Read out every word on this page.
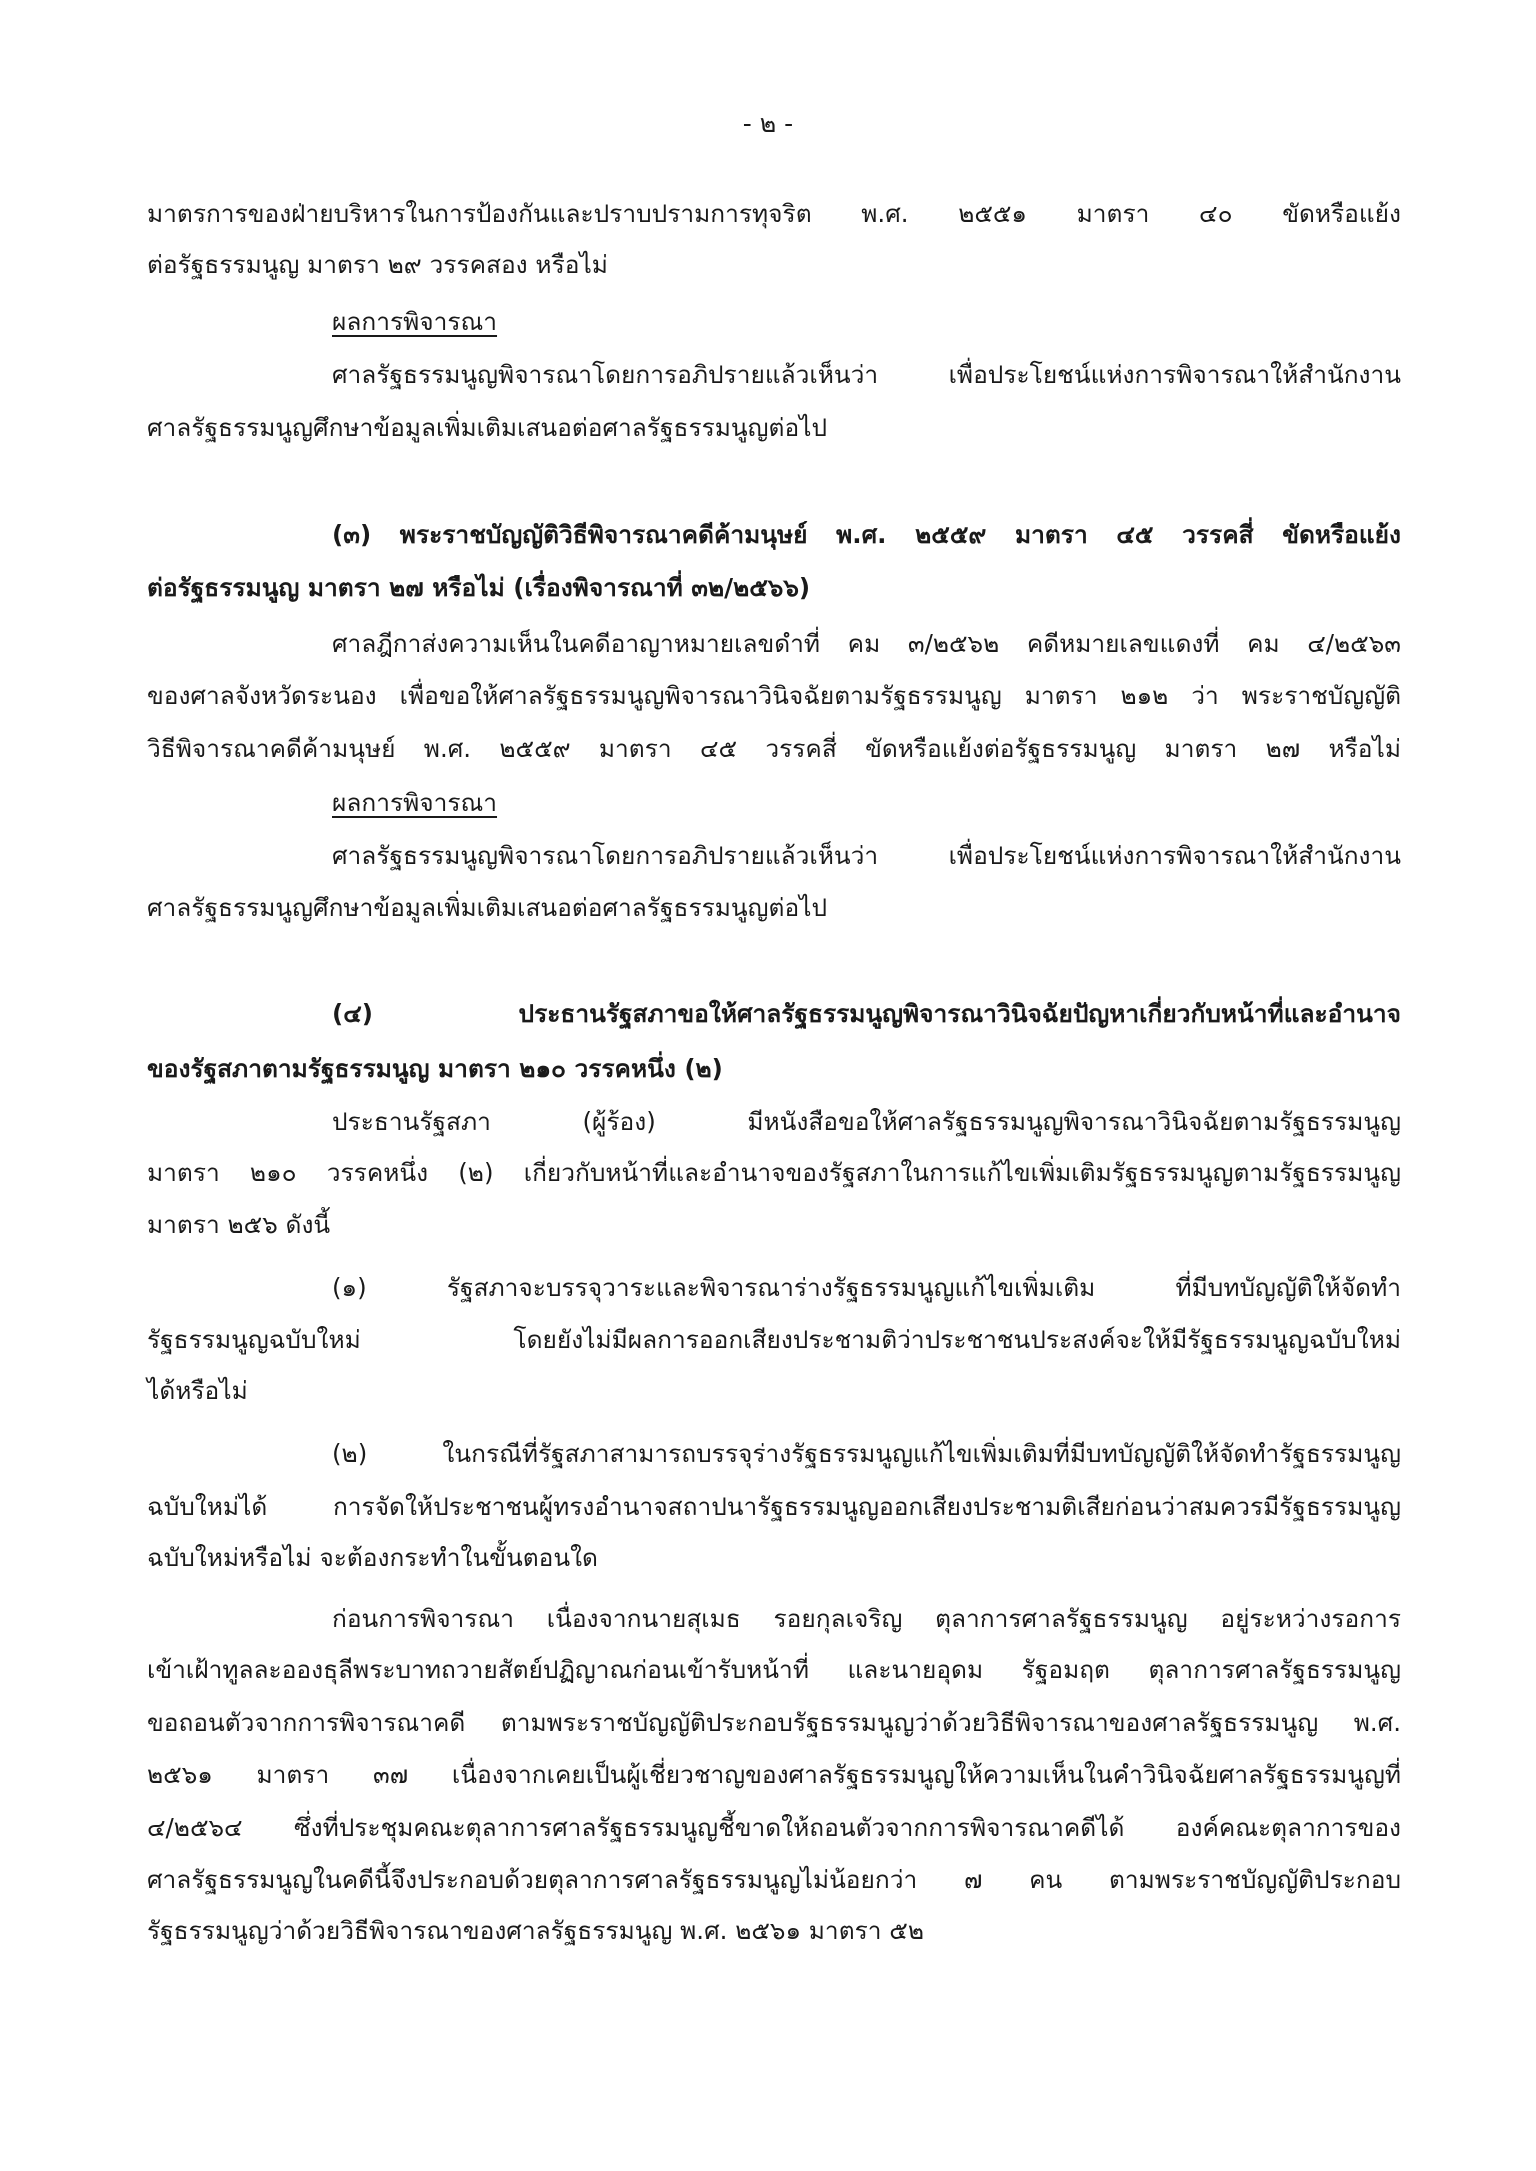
- ๒ -
มาตรการของฝ่ายบริหารในการป้องกันและปราบปรามการทุจริต พ.ศ. ๒๕๕๑ มาตรา ๔๐ ขัดหรือแย้ง
ต่อรัฐธรรมนูญ มาตรา ๒๙ วรรคสอง หรือไม่
ผลการพิจารณา
ศาลรัฐธรรมนูญพิจารณาโดยการอภิปรายแล้วเห็นว่า เพื่อประโยชน์แห่งการพิจารณาให้สำนักงาน
ศาลรัฐธรรมนูญศึกษาข้อมูลเพิ่มเติมเสนอต่อศาลรัฐธรรมนูญต่อไป
(๓) พระราชบัญญัติวิธีพิจารณาคดีค้ามนุษย์ พ.ศ. ๒๕๕๙ มาตรา ๔๕ วรรคสี่ ขัดหรือแย้ง
ต่อรัฐธรรมนูญ มาตรา ๒๗ หรือไม่ (เรื่องพิจารณาที่ ๓๒/๒๕๖๖)
ศาลฎีกาส่งความเห็นในคดีอาญาหมายเลขดำที่ คม ๓/๒๕๖๒ คดีหมายเลขแดงที่ คม ๔/๒๕๖๓
ของศาลจังหวัดระนอง เพื่อขอให้ศาลรัฐธรรมนูญพิจารณาวินิจฉัยตามรัฐธรรมนูญ มาตรา ๒๑๒ ว่า พระราชบัญญัติ
วิธีพิจารณาคดีค้ามนุษย์ พ.ศ. ๒๕๕๙ มาตรา ๔๕ วรรคสี่ ขัดหรือแย้งต่อรัฐธรรมนูญ มาตรา ๒๗ หรือไม่
ผลการพิจารณา
ศาลรัฐธรรมนูญพิจารณาโดยการอภิปรายแล้วเห็นว่า เพื่อประโยชน์แห่งการพิจารณาให้สำนักงาน
ศาลรัฐธรรมนูญศึกษาข้อมูลเพิ่มเติมเสนอต่อศาลรัฐธรรมนูญต่อไป
(๔) ประธานรัฐสภาขอให้ศาลรัฐธรรมนูญพิจารณาวินิจฉัยปัญหาเกี่ยวกับหน้าที่และอำนาจ
ของรัฐสภาตามรัฐธรรมนูญ มาตรา ๒๑๐ วรรคหนึ่ง (๒)
ประธานรัฐสภา (ผู้ร้อง) มีหนังสือขอให้ศาลรัฐธรรมนูญพิจารณาวินิจฉัยตามรัฐธรรมนูญ
มาตรา ๒๑๐ วรรคหนึ่ง (๒) เกี่ยวกับหน้าที่และอำนาจของรัฐสภาในการแก้ไขเพิ่มเติมรัฐธรรมนูญตามรัฐธรรมนูญ
มาตรา ๒๕๖ ดังนี้
(๑) รัฐสภาจะบรรจุวาระและพิจารณาร่างรัฐธรรมนูญแก้ไขเพิ่มเติม ที่มีบทบัญญัติให้จัดทำ
รัฐธรรมนูญฉบับใหม่ โดยยังไม่มีผลการออกเสียงประชามติว่าประชาชนประสงค์จะให้มีรัฐธรรมนูญฉบับใหม่
ได้หรือไม่
(๒) ในกรณีที่รัฐสภาสามารถบรรจุร่างรัฐธรรมนูญแก้ไขเพิ่มเติมที่มีบทบัญญัติให้จัดทำรัฐธรรมนูญ
ฉบับใหม่ได้ การจัดให้ประชาชนผู้ทรงอำนาจสถาปนารัฐธรรมนูญออกเสียงประชามติเสียก่อนว่าสมควรมีรัฐธรรมนูญ
ฉบับใหม่หรือไม่ จะต้องกระทำในขั้นตอนใด
ก่อนการพิจารณา เนื่องจากนายสุเมธ รอยกุลเจริญ ตุลาการศาลรัฐธรรมนูญ อยู่ระหว่างรอการ
เข้าเฝ้าทูลละอองธุลีพระบาทถวายสัตย์ปฏิญาณก่อนเข้ารับหน้าที่ และนายอุดม รัฐอมฤต ตุลาการศาลรัฐธรรมนูญ
ขอถอนตัวจากการพิจารณาคดี ตามพระราชบัญญัติประกอบรัฐธรรมนูญว่าด้วยวิธีพิจารณาของศาลรัฐธรรมนูญ พ.ศ.
๒๕๖๑ มาตรา ๓๗ เนื่องจากเคยเป็นผู้เชี่ยวชาญของศาลรัฐธรรมนูญให้ความเห็นในคำวินิจฉัยศาลรัฐธรรมนูญที่
๔/๒๕๖๔ ซึ่งที่ประชุมคณะตุลาการศาลรัฐธรรมนูญชี้ขาดให้ถอนตัวจากการพิจารณาคดีได้ องค์คณะตุลาการของ
ศาลรัฐธรรมนูญในคดีนี้จึงประกอบด้วยตุลาการศาลรัฐธรรมนูญไม่น้อยกว่า ๗ คน ตามพระราชบัญญัติประกอบ
รัฐธรรมนูญว่าด้วยวิธีพิจารณาของศาลรัฐธรรมนูญ พ.ศ. ๒๕๖๑ มาตรา ๕๒
